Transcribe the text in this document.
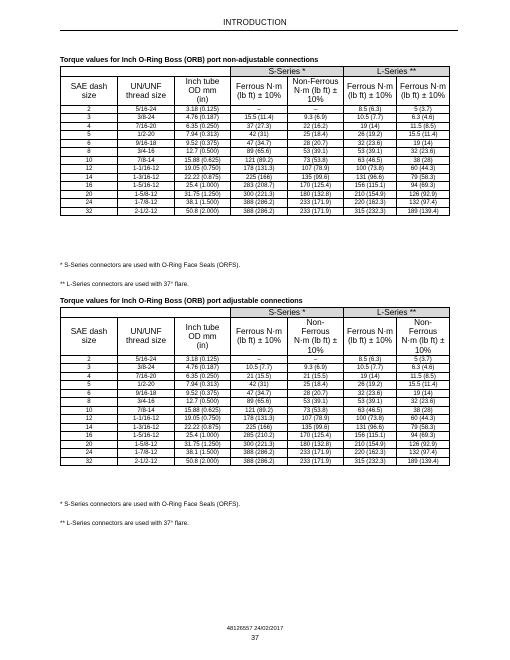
INTRODUCTION
Torque values for Inch O-Ring Boss (ORB) port non-adjustable connections
			S-Series *		L-Series **	

SAE dash size	UN/UNF thread size	Inch tube OD mm (in)	Ferrous N·m (lb ft) ± 10%	Non-Ferrous N·m (lb ft) ± 10%	Ferrous N·m (lb ft) ± 10%	Ferrous N·m (lb ft) ± 10%

2	5/16-24	3.18 (0.125)	–	–	8.5 (6.3)	5 (3.7)
3	3/8-24	4.76 (0.187)	15.5 (11.4)	9.3 (6.9)	10.5 (7.7)	6.3 (4.6)
4	7/16-20	6.35 (0.250)	37 (27.3)	22 (16.2)	19 (14)	11.5 (8.5)
5	1/2-20	7.94 (0.313)	42 (31)	25 (18.4)	26 (19.2)	15.5 (11.4)
6	9/16-18	9.52 (0.375)	47 (34.7)	28 (20.7)	32 (23.6)	19 (14)
8	3/4-16	12.7 (0.500)	89 (65.6)	53 (39.1)	53 (39.1)	32 (23.6)
10	7/8-14	15.88 (0.625)	121 (89.2)	73 (53.8)	63 (46.5)	38 (28)
12	1-1/16-12	19.05 (0.750)	178 (131.3)	107 (78.9)	100 (73.8)	60 (44.3)
14	1-3/16-12	22.22 (0.875)	225 (166)	135 (99.6)	131 (96.6)	79 (58.3)
16	1-5/16-12	25.4 (1.000)	283 (208.7)	170 (125.4)	156 (115.1)	94 (69.3)
20	1-5/8-12	31.75 (1.250)	300 (221.3)	180 (132.8)	210 (154.9)	126 (92.9)
24	1-7/8-12	38.1 (1.500)	388 (286.2)	233 (171.9)	220 (162.3)	132 (97.4)
32	2-1/2-12	50.8 (2.000)	388 (286.2)	233 (171.9)	315 (232.3)	189 (139.4)
* S-Series connectors are used with O-Ring Face Seals (ORFS).
** L-Series connectors are used with 37° flare.
Torque values for Inch O-Ring Boss (ORB) port adjustable connections
			S-Series *		L-Series **	

SAE dash size	UN/UNF thread size	Inch tube OD mm (in)	Ferrous N·m (lb ft) ± 10%	Non-Ferrous N·m (lb ft) ± 10%	Ferrous N·m (lb ft) ± 10%	Non-Ferrous N·m (lb ft) ± 10%

2	5/16-24	3.18 (0.125)	–	–	8.5 (6.3)	5 (3.7)
3	3/8-24	4.76 (0.187)	10.5 (7.7)	9.3 (6.9)	10.5 (7.7)	6.3 (4.6)
4	7/16-20	6.35 (0.250)	21 (15.5)	21 (15.5)	19 (14)	11.5 (8.5)
5	1/2-20	7.94 (0.313)	42 (31)	25 (18.4)	26 (19.2)	15.5 (11.4)
6	9/16-18	9.52 (0.375)	47 (34.7)	28 (20.7)	32 (23.6)	19 (14)
8	3/4-16	12.7 (0.500)	89 (65.6)	53 (39.1)	53 (39.1)	32 (23.6)
10	7/8-14	15.88 (0.625)	121 (89.2)	73 (53.8)	63 (46.5)	38 (28)
12	1-1/16-12	19.05 (0.750)	178 (131.3)	107 (78.9)	100 (73.8)	60 (44.3)
14	1-3/16-12	22.22 (0.875)	225 (166)	135 (99.6)	131 (96.6)	79 (58.3)
16	1-5/16-12	25.4 (1.000)	285 (210.2)	170 (125.4)	156 (115.1)	94 (69.3)
20	1-5/8-12	31.75 (1.250)	300 (221.3)	180 (132.8)	210 (154.9)	126 (92.9)
24	1-7/8-12	38.1 (1.500)	388 (286.2)	233 (171.9)	220 (162.3)	132 (97.4)
32	2-1/2-12	50.8 (2.000)	388 (286.2)	233 (171.9)	315 (232.3)	189 (139.4)
* S-Series connectors are used with O-Ring Face Seals (ORFS).
** L-Series connectors are used with 37° flare.
48126557 24/02/2017
37
